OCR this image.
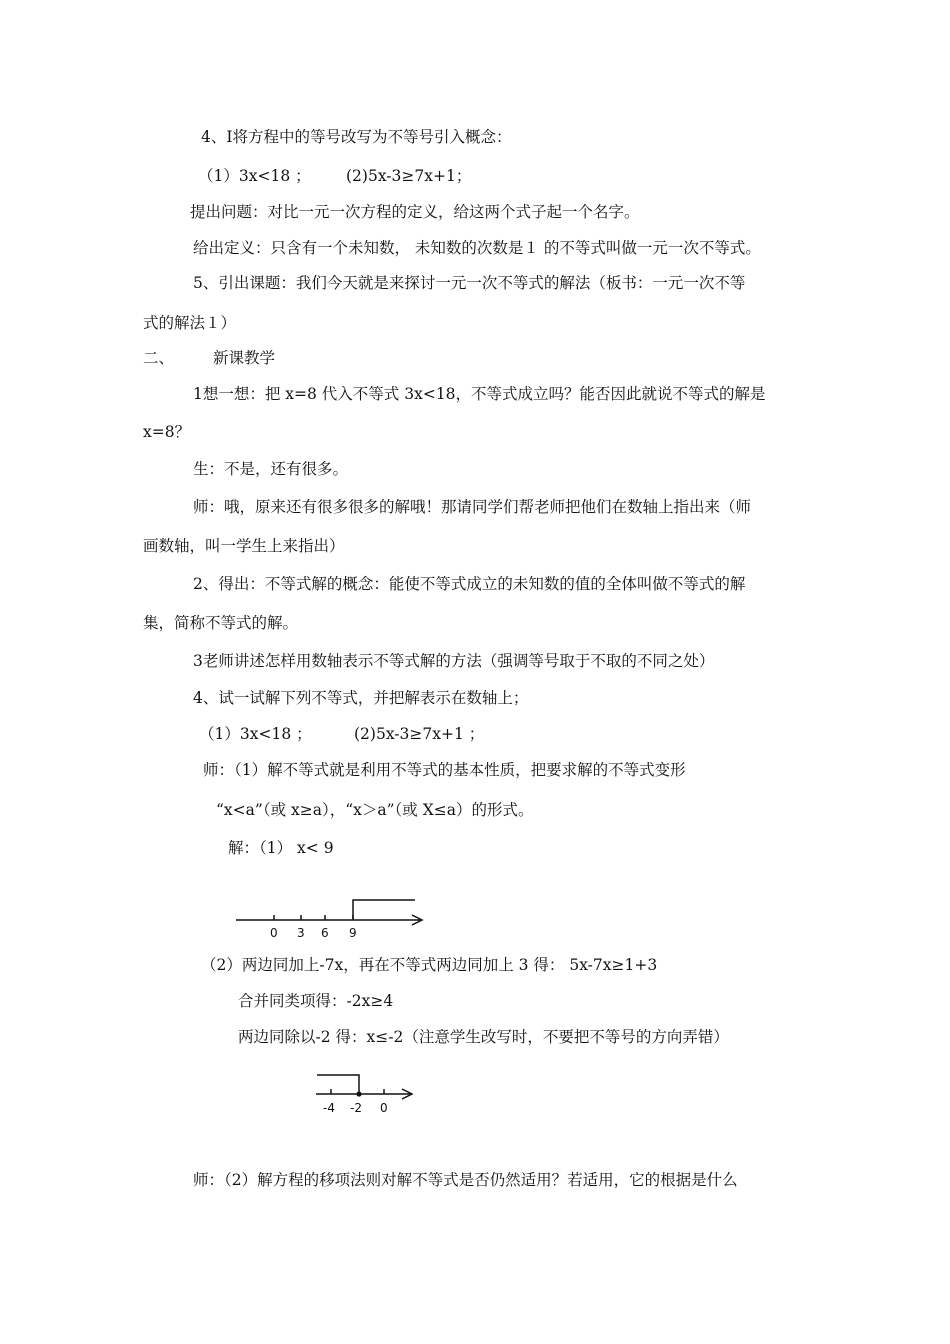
4、Ⅰ将方程中的等号改写为不等号引入概念：
（1）3x<18 ； (2)5x-3≥7x+1；
提出问题：对比一元一次方程的定义，给这两个式子起一个名字。
给出定义：只含有一个未知数， 未知数的次数是１ 的不等式叫做一元一次不等式。
5、引出课题：我们今天就是来探讨一元一次不等式的解法（板书：一元一次不等
式的解法１）
二、	新课教学
1想一想：把 x=8 代入不等式 3x<18，不等式成立吗？能否因此就说不等式的解是
x=8？
生：不是，还有很多。
师：哦，原来还有很多很多的解哦！那请同学们帮老师把他们在数轴上指出来（师
画数轴，叫一学生上来指出）
2、得出：不等式解的概念：能使不等式成立的未知数的值的全体叫做不等式的解
集，简称不等式的解。
3老师讲述怎样用数轴表示不等式解的方法（强调等号取于不取的不同之处）
4、试一试解下列不等式，并把解表示在数轴上；
（1）3x<18 ；	(2)5x-3≥7x+1 ；
师：（1）解不等式就是利用不等式的基本性质，把要求解的不等式变形
“x<a”（或 x≥a），“x＞a”（或 X≤a）的形式。
解：（1） x< 9
0 3 6 9
（2）两边同加上-7x，再在不等式两边同加上 3 得： 5x-7x≥1+3
合并同类项得：-2x≥4
两边同除以-2 得：x≤-2（注意学生改写时，不要把不等号的方向弄错）
-4 -2 0
师：（2）解方程的移项法则对解不等式是否仍然适用？若适用，它的根据是什么
